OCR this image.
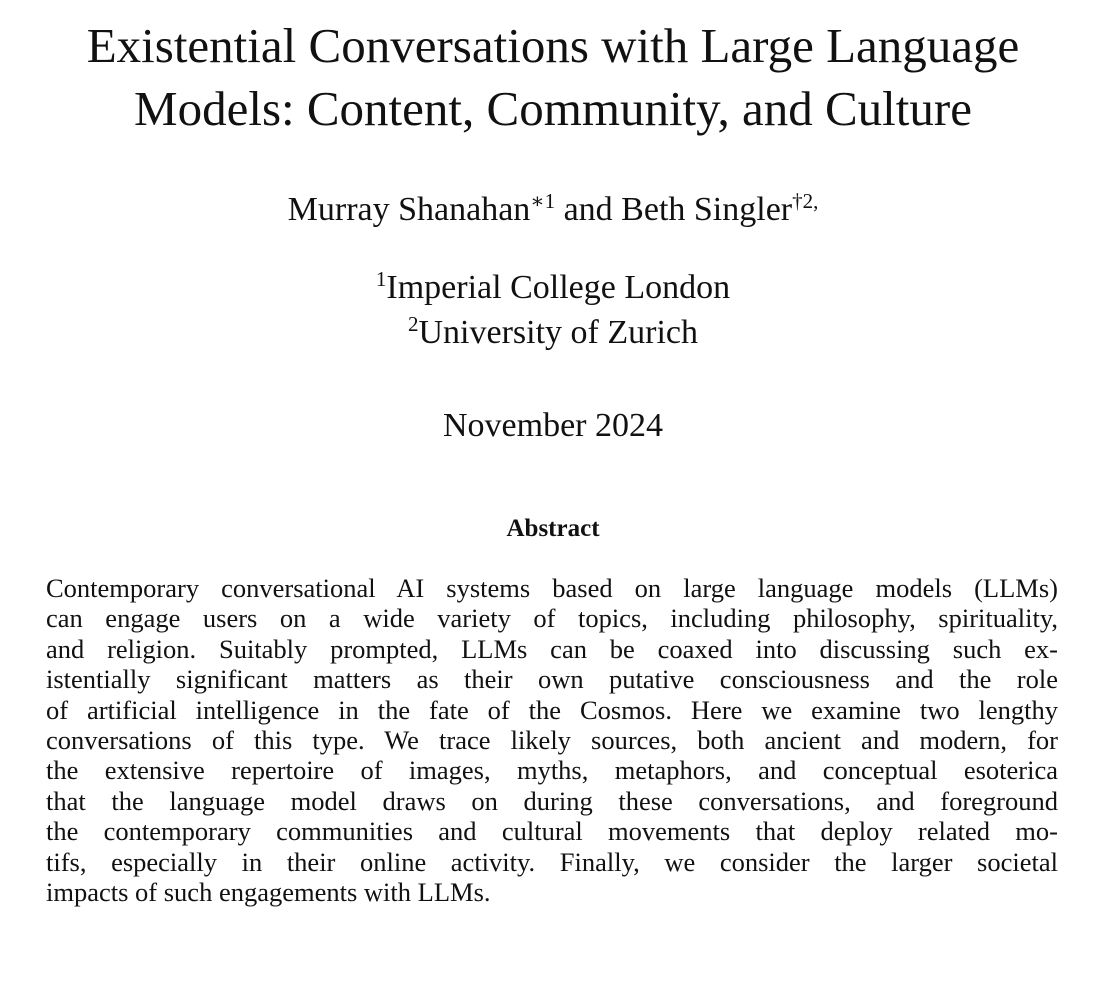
Existential Conversations with Large Language
Models: Content, Community, and Culture
Murray Shanahan$^{∗1}$ and Beth Singler$^{\dagger 2,}$
$^1$Imperial College London
$^2$University of Zurich
November 2024
Abstract
Contemporary conversational AI systems based on large language models (LLMs)
can engage users on a wide variety of topics, including philosophy, spirituality,
and religion. Suitably prompted, LLMs can be coaxed into discussing such ex-
istentially significant matters as their own putative consciousness and the role
of artificial intelligence in the fate of the Cosmos. Here we examine two lengthy
conversations of this type. We trace likely sources, both ancient and modern, for
the extensive repertoire of images, myths, metaphors, and conceptual esoterica
that the language model draws on during these conversations, and foreground
the contemporary communities and cultural movements that deploy related mo-
tifs, especially in their online activity. Finally, we consider the larger societal
impacts of such engagements with LLMs.
